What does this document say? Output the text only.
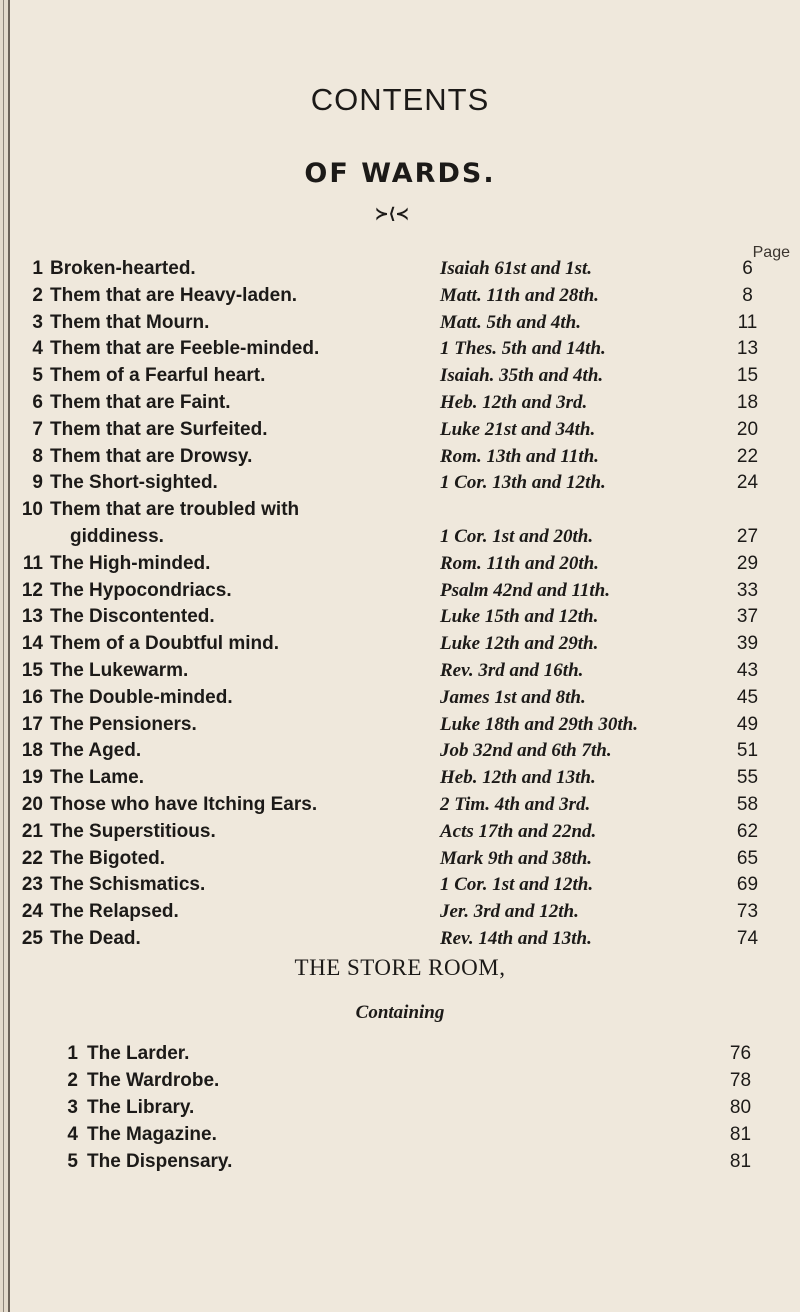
CONTENTS
OF WARDS.
≻⟨≺
Page
1 Broken-hearted.	Isaiah 61st and 1st.	6
2 Them that are Heavy-laden.	Matt. 11th and 28th.	8
3 Them that Mourn.	Matt. 5th and 4th.	11
4 Them that are Feeble-minded.	1 Thes. 5th and 14th.	13
5 Them of a Fearful heart.	Isaiah. 35th and 4th.	15
6 Them that are Faint.	Heb. 12th and 3rd.	18
7 Them that are Surfeited.	Luke 21st and 34th.	20
8 Them that are Drowsy.	Rom. 13th and 11th.	22
9 The Short-sighted.	1 Cor. 13th and 12th.	24
10 Them that are troubled with
giddiness.	1 Cor. 1st and 20th.	27
11 The High-minded.	Rom. 11th and 20th.	29
12 The Hypocondriacs.	Psalm 42nd and 11th.	33
13 The Discontented.	Luke 15th and 12th.	37
14 Them of a Doubtful mind.	Luke 12th and 29th.	39
15 The Lukewarm.	Rev. 3rd and 16th.	43
16 The Double-minded.	James 1st and 8th.	45
17 The Pensioners.	Luke 18th and 29th 30th.	49
18 The Aged.	Job 32nd and 6th 7th.	51
19 The Lame.	Heb. 12th and 13th.	55
20 Those who have Itching Ears.	2 Tim. 4th and 3rd.	58
21 The Superstitious.	Acts 17th and 22nd.	62
22 The Bigoted.	Mark 9th and 38th.	65
23 The Schismatics.	1 Cor. 1st and 12th.	69
24 The Relapsed.	Jer. 3rd and 12th.	73
25 The Dead.	Rev. 14th and 13th.	74
THE STORE ROOM,
Containing
1 The Larder.	76
2 The Wardrobe.	78
3 The Library.	80
4 The Magazine.	81
5 The Dispensary.	81
